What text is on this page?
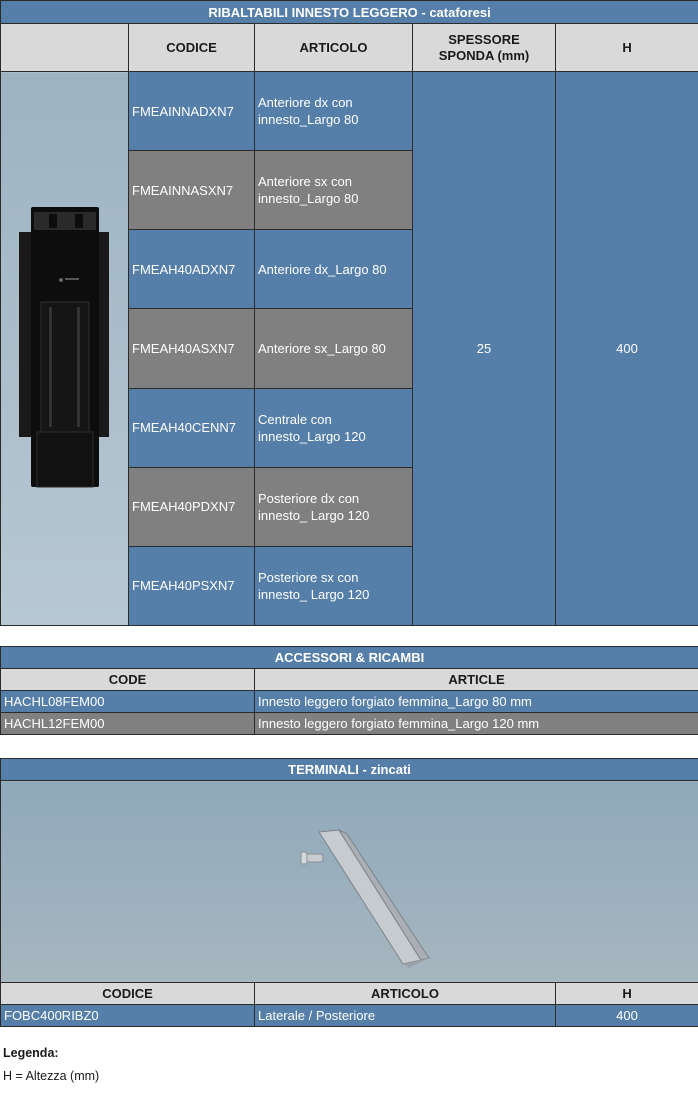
RIBALTABILI INNESTO LEGGERO - cataforesi				
	CODICE	ARTICOLO	SPESSORE SPONDA (mm)	H

	FMEAINNADXN7	Anteriore dx con innesto_Largo 80	25	400
	FMEAINNASXN7	Anteriore sx con innesto_Largo 80		
	FMEAH40ADXN7	Anteriore dx_Largo 80		
	FMEAH40ASXN7	Anteriore sx_Largo 80		
	FMEAH40CENN7	Centrale con innesto_Largo 120		
	FMEAH40PDXN7	Posteriore dx con innesto_ Largo 120		
	FMEAH40PSXN7	Posteriore sx con innesto_ Largo 120		
ACCESSORI & RICAMBI	
CODE	ARTICLE
HACHL08FEM00	Innesto leggero forgiato femmina_Largo 80 mm
HACHL12FEM00	Innesto leggero forgiato femmina_Largo 120 mm
TERMINALI - zincati		

CODICE	ARTICOLO	H
FOBC400RIBZ0	Laterale / Posteriore	400
Legenda:
H = Altezza (mm)
